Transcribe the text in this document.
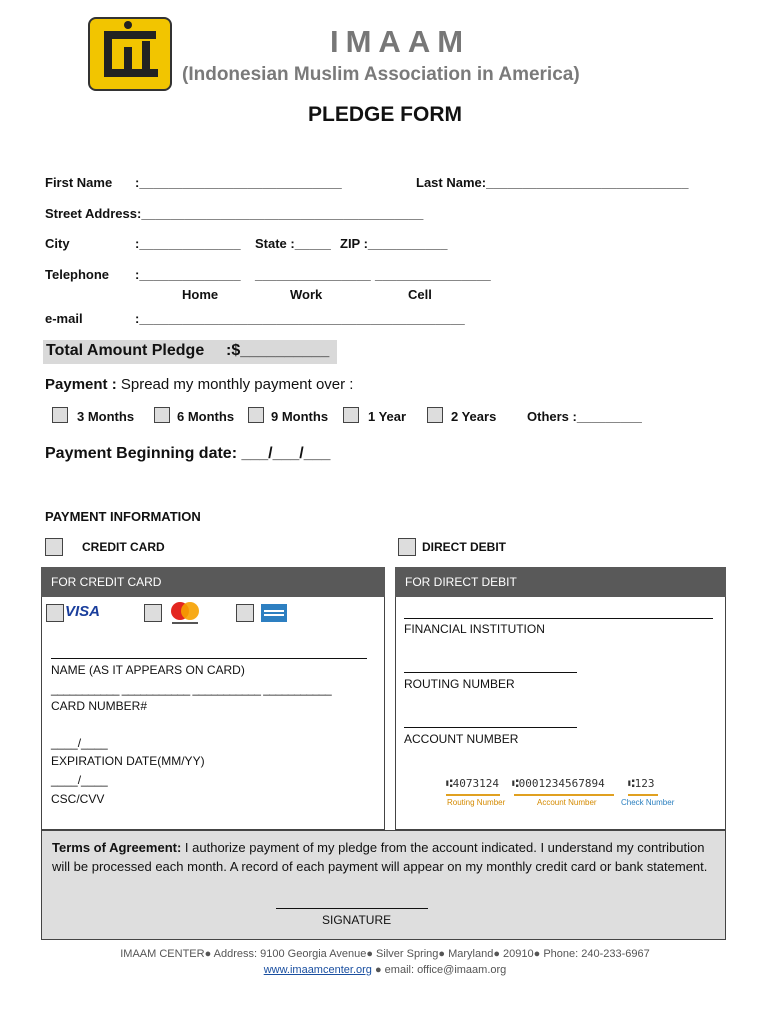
IMAAM
(Indonesian Muslim Association in America)
PLEDGE FORM
First Name :____________________________	Last Name:____________________________
Street Address:_______________________________________
City	:______________ State :_____ ZIP :___________
Telephone :______________ ________________ ________________
Home	Work	Cell
e-mail	:_____________________________________________
Total Amount Pledge :$__________
Payment : Spread my monthly payment over :
3 Months	6 Months	9 Months	1 Year	2 Years Others :_________
Payment Beginning date: ___/___/___
PAYMENT INFORMATION
CREDIT CARD	DIRECT DEBIT
FOR CREDIT CARD
VISA
NAME (AS IT APPEARS ON CARD)
___________ ___________ ___________ ___________
CARD NUMBER#
____/____
EXPIRATION DATE(MM/YY)
____/____
CSC/CVV
FOR DIRECT DEBIT
FINANCIAL INSTITUTION
ROUTING NUMBER
ACCOUNT NUMBER
⑆4073124 ⑆0001234567894 ⑆123
Routing Number	Account Number	Check Number
Terms of Agreement: I authorize payment of my pledge from the account indicated. I understand my contribution will be processed each month. A record of each payment will appear on my monthly credit card or bank statement.
SIGNATURE
IMAAM CENTER● Address: 9100 Georgia Avenue● Silver Spring● Maryland● 20910● Phone: 240-233-6967
www.imaamcenter.org ● email: office@imaam.org
